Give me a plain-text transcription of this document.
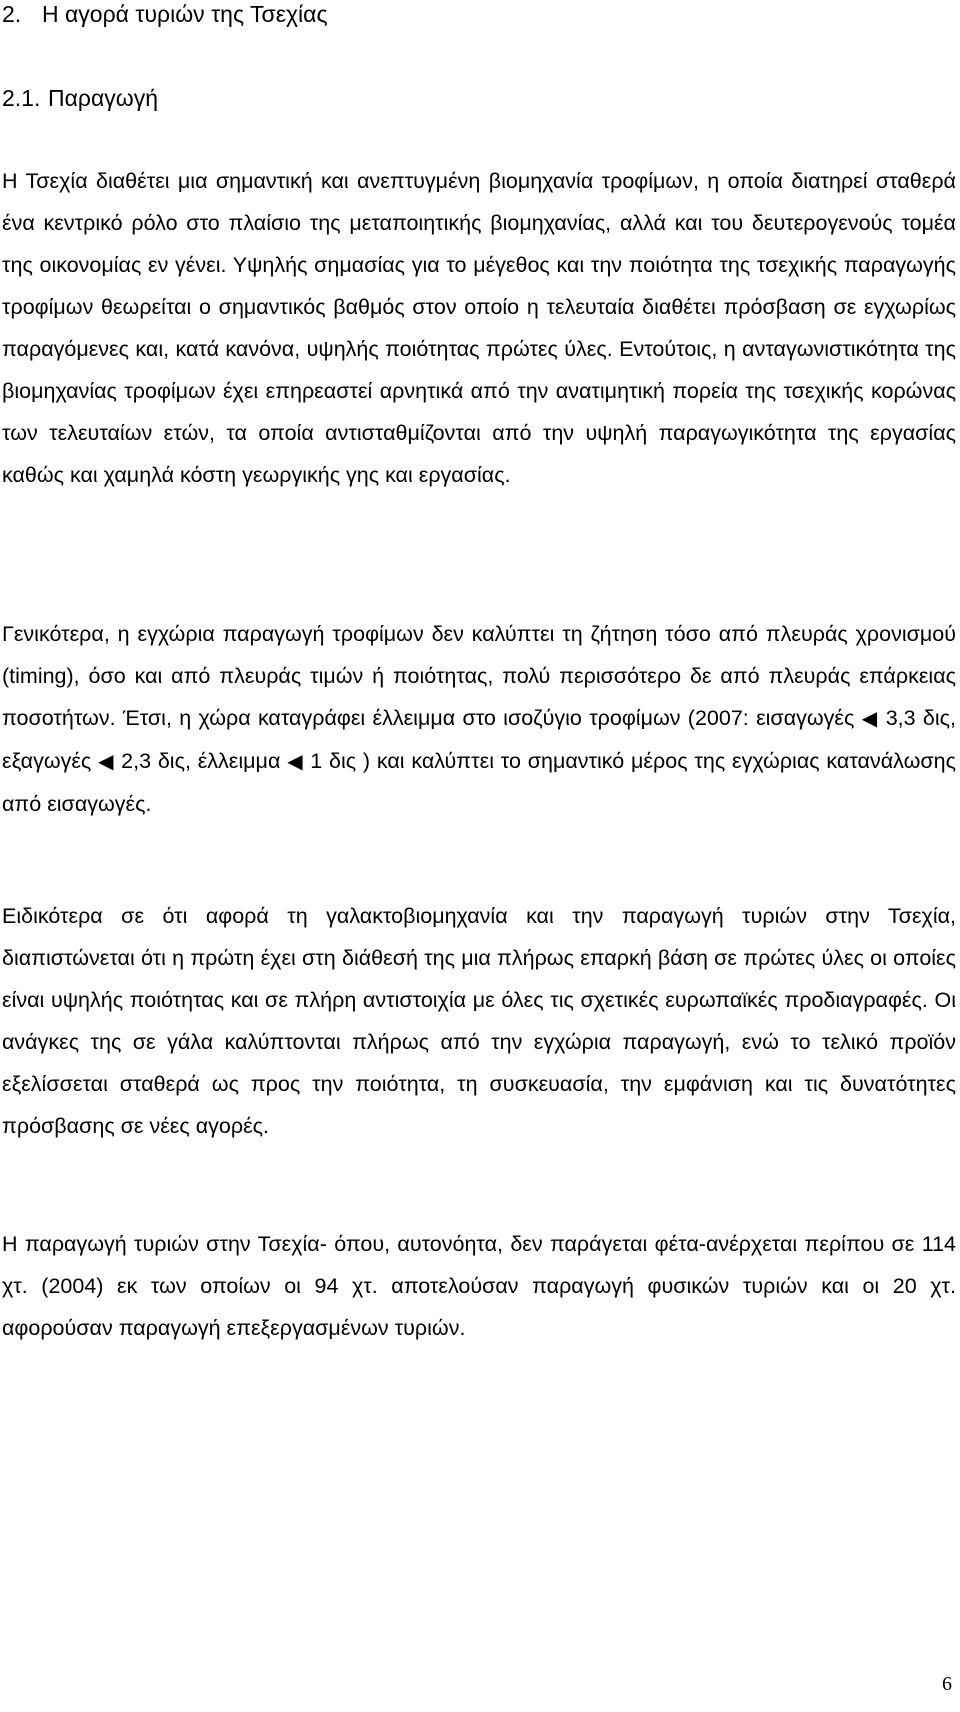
2. Η αγορά τυριών της Τσεχίας
2.1. Παραγωγή

Η Τσεχία διαθέτει μια σημαντική και ανεπτυγμένη βιομηχανία τροφίμων, η οποία διατηρεί σταθερά ένα κεντρικό ρόλο στο πλαίσιο της μεταποιητικής βιομηχανίας, αλλά και του δευτερογενούς τομέα της οικονομίας εν γένει. Υψηλής σημασίας για το μέγεθος και την ποιότητα της τσεχικής παραγωγής τροφίμων θεωρείται ο σημαντικός βαθμός στον οποίο η τελευταία διαθέτει πρόσβαση σε εγχωρίως παραγόμενες και, κατά κανόνα, υψηλής ποιότητας πρώτες ύλες. Εντούτοις, η ανταγωνιστικότητα της βιομηχανίας τροφίμων έχει επηρεαστεί αρνητικά από την ανατιμητική πορεία της τσεχικής κορώνας των τελευταίων ετών, τα οποία αντισταθμίζονται από την υψηλή παραγωγικότητα της εργασίας καθώς και χαμηλά κόστη γεωργικής γης και εργασίας.

Γενικότερα, η εγχώρια παραγωγή τροφίμων δεν καλύπτει τη ζήτηση τόσο από πλευράς χρονισμού (timing), όσο και από πλευράς τιμών ή ποιότητας, πολύ περισσότερο δε από πλευράς επάρκειας ποσοτήτων. Έτσι, η χώρα καταγράφει έλλειμμα στο ισοζύγιο τροφίμων (2007: εισαγωγές ◀ 3,3 δις, εξαγωγές ◀ 2,3 δις, έλλειμμα ◀ 1 δις ) και καλύπτει το σημαντικό μέρος της εγχώριας κατανάλωσης από εισαγωγές.

Ειδικότερα σε ότι αφορά τη γαλακτοβιομηχανία και την παραγωγή τυριών στην Τσεχία, διαπιστώνεται ότι η πρώτη έχει στη διάθεσή της μια πλήρως επαρκή βάση σε πρώτες ύλες οι οποίες είναι υψηλής ποιότητας και σε πλήρη αντιστοιχία με όλες τις σχετικές ευρωπαϊκές προδιαγραφές. Οι ανάγκες της σε γάλα καλύπτονται πλήρως από την εγχώρια παραγωγή, ενώ το τελικό προϊόν εξελίσσεται σταθερά ως προς την ποιότητα, τη συσκευασία, την εμφάνιση και τις δυνατότητες πρόσβασης σε νέες αγορές.

Η παραγωγή τυριών στην Τσεχία- όπου, αυτονόητα, δεν παράγεται φέτα-ανέρχεται περίπου σε 114 χτ. (2004) εκ των οποίων οι 94 χτ. αποτελούσαν παραγωγή φυσικών τυριών και οι 20 χτ. αφορούσαν παραγωγή επεξεργασμένων τυριών.

6
